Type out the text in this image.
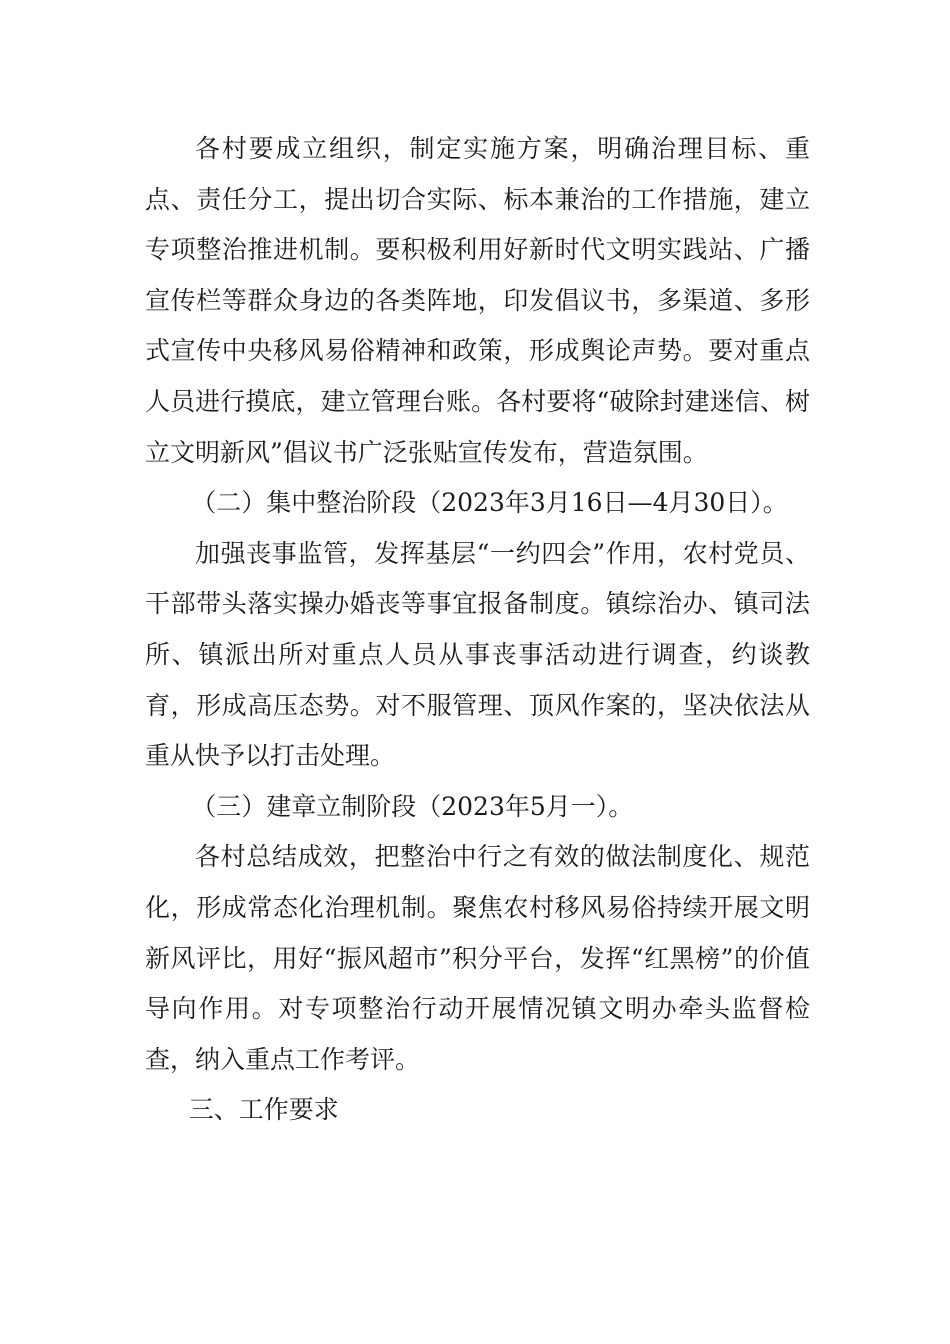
各村要成立组织，制定实施方案，明确治理目标、重点、责任分工，提出切合实际、标本兼治的工作措施，建立专项整治推进机制。要积极利用好新时代文明实践站、广播宣传栏等群众身边的各类阵地，印发倡议书，多渠道、多形式宣传中央移风易俗精神和政策，形成舆论声势。要对重点人员进行摸底，建立管理台账。各村要将“破除封建迷信、树立文明新风”倡议书广泛张贴宣传发布，营造氛围。

（二）集中整治阶段（2023年3月16日—4月30日）。

加强丧事监管，发挥基层“一约四会”作用，农村党员、干部带头落实操办婚丧等事宜报备制度。镇综治办、镇司法所、镇派出所对重点人员从事丧事活动进行调查，约谈教育，形成高压态势。对不服管理、顶风作案的，坚决依法从重从快予以打击处理。

（三）建章立制阶段（2023年5月一）。

各村总结成效，把整治中行之有效的做法制度化、规范化，形成常态化治理机制。聚焦农村移风易俗持续开展文明新风评比，用好“振风超市”积分平台，发挥“红黑榜”的价值导向作用。对专项整治行动开展情况镇文明办牵头监督检查，纳入重点工作考评。

三、工作要求
